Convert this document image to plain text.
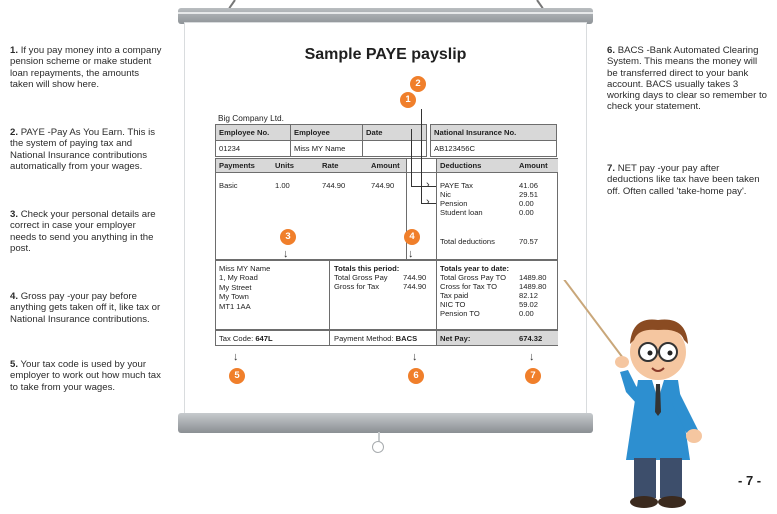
1. If you pay money into a company pension scheme or make student loan repayments, the amounts taken will show here.
2. PAYE -Pay As You Earn. This is the system of paying tax and National Insurance contributions automatically from your wages.
3. Check your personal details are correct in case your employer needs to send you anything in the post.
4. Gross pay -your pay before anything gets taken off it, like tax or National Insurance contributions.
5. Your tax code is used by your employer to work out how much tax to take from your wages.
6. BACS -Bank Automated Clearing System. This means the money will be transferred direct to your bank account. BACS usually takes 3 working days to clear so remember to check your statement.
7. NET pay -your pay after deductions like tax have been taken off. Often called 'take-home pay'.
Sample PAYE payslip
Big Company Ltd.
Employee No.	Employee	Date		National Insurance No.
01234	Miss MY Name			AB123456C
Payments	Units	Rate	Amount	Deductions	Amount
Basic	1.00	744.90	744.90	PAYE Tax	41.06
Nic	29.51
Pension	0.00
Student loan	0.00
Total deductions	70.57
›
›
Miss MY Name
1, My Road
My Street
My Town
MT1 1AA
Totals this period:
Total Gross Pay 744.90
Gross for Tax	744.90
Totals year to date:
Total Gross Pay TO 1489.80
Cross for Tax TO	1489.80
Tax paid	82.12
NIC TO	59.02
Pension TO	0.00
Tax Code: 647L	Payment Method: BACS	Net Pay:	674.32
1
2
3	4
5	6	7
↓	↓
↓	↓	↓
- 7 -
